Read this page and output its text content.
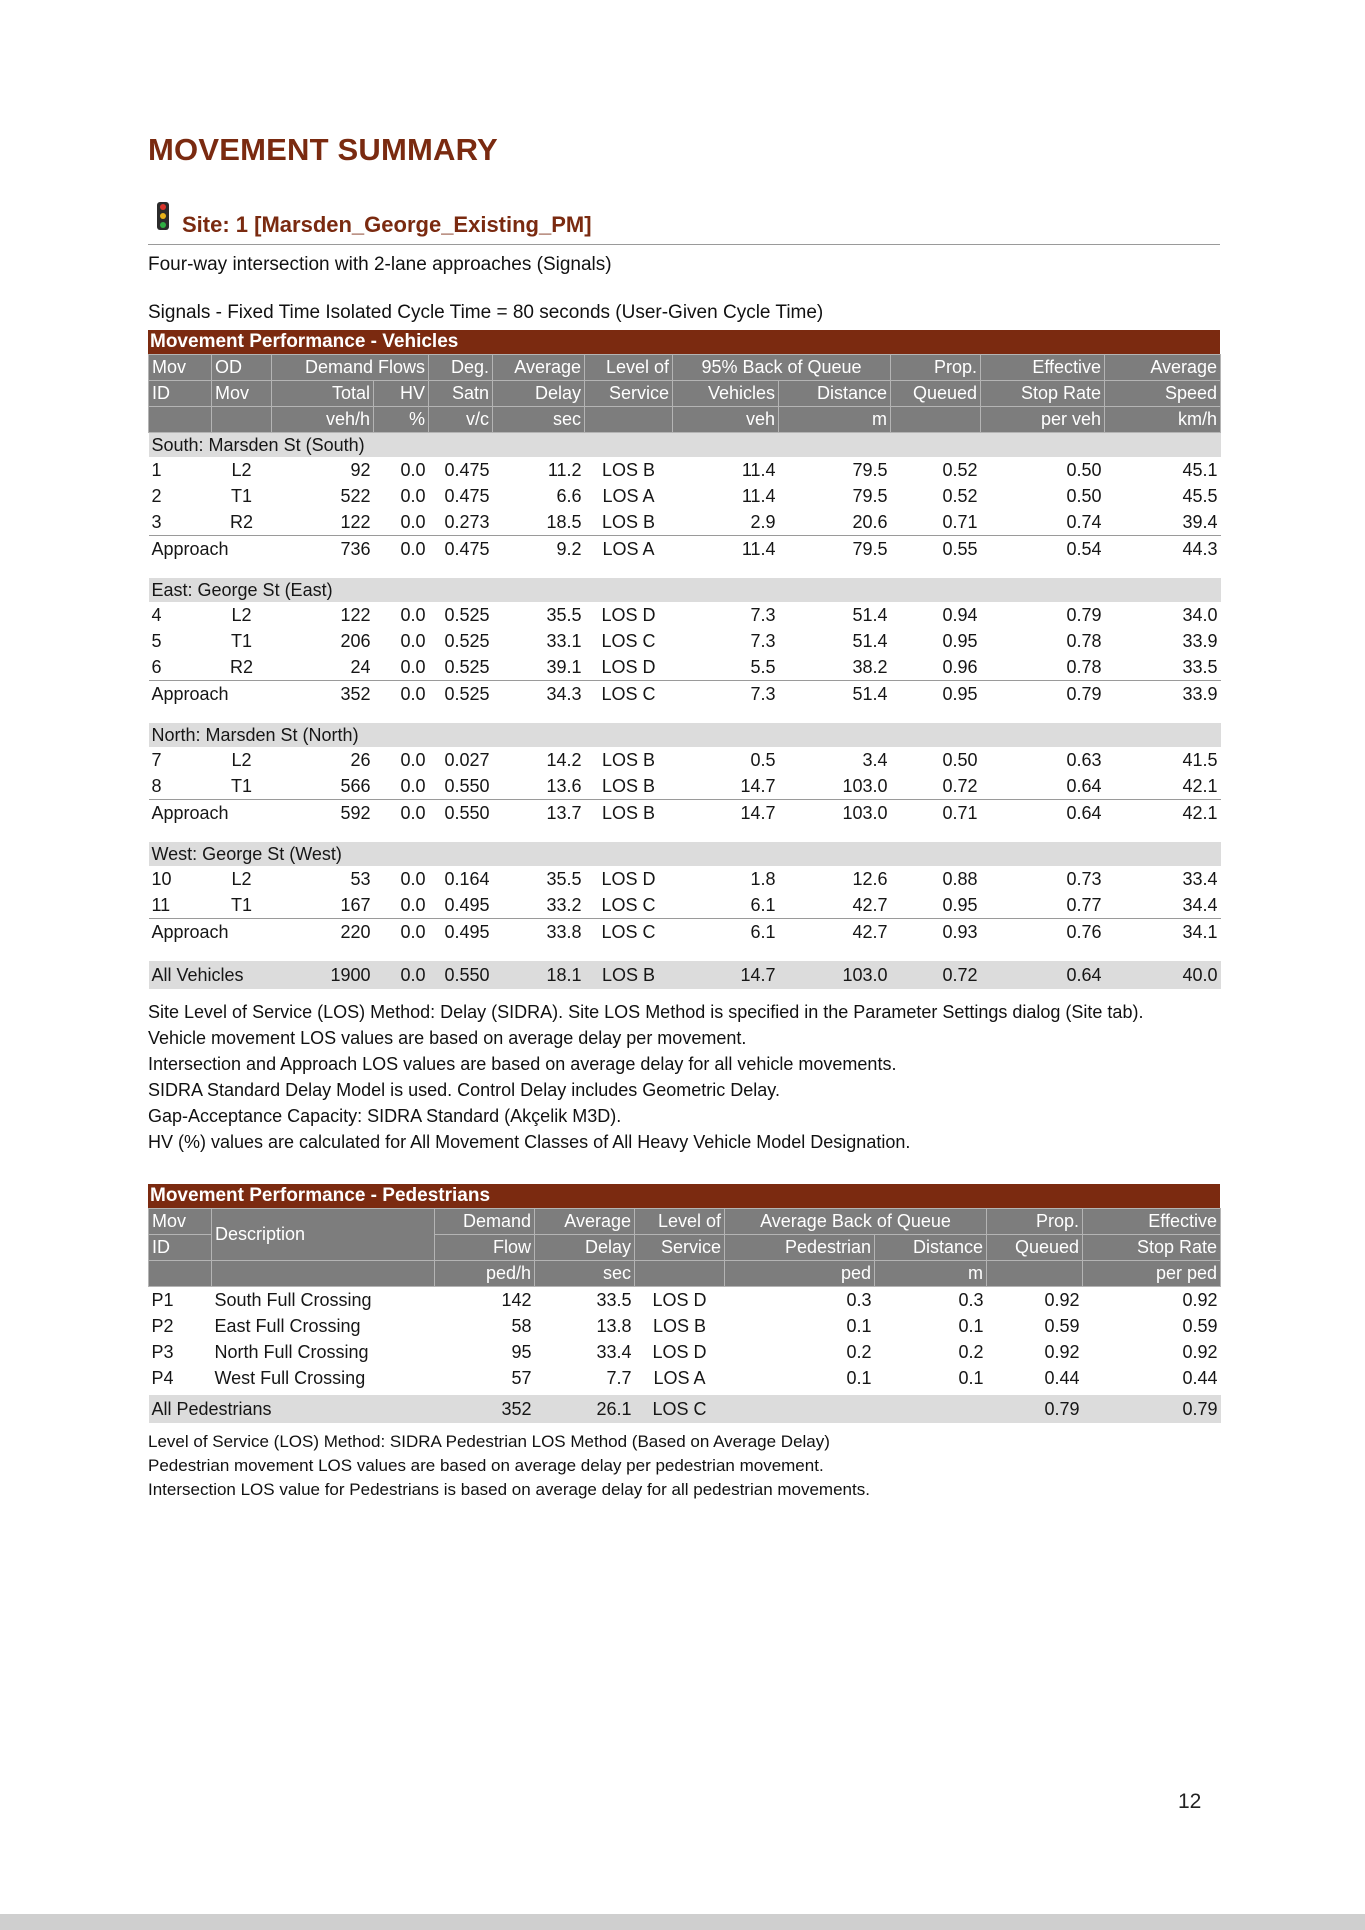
MOVEMENT SUMMARY
Site: 1 [Marsden_George_Existing_PM]
Four-way intersection with 2-lane approaches (Signals)
Signals - Fixed Time Isolated Cycle Time = 80 seconds (User-Given Cycle Time)
Movement Performance - Vehicles
Mov	OD	Demand Flows		Deg.	Average	Level of	95% Back of Queue		Prop.	Effective	Average
ID	Mov	Total	HV	Satn	Delay	Service	Vehicles	Distance	Queued	Stop Rate	Speed
		veh/h	%	v/c	sec		veh	m		per veh	km/h
South: Marsden St (South)											
1	L2	92	0.0	0.475	11.2	LOS B	11.4	79.5	0.52	0.50	45.1
2	T1	522	0.0	0.475	6.6	LOS A	11.4	79.5	0.52	0.50	45.5
3	R2	122	0.0	0.273	18.5	LOS B	2.9	20.6	0.71	0.74	39.4
Approach		736	0.0	0.475	9.2	LOS A	11.4	79.5	0.55	0.54	44.3

East: George St (East)											
4	L2	122	0.0	0.525	35.5	LOS D	7.3	51.4	0.94	0.79	34.0
5	T1	206	0.0	0.525	33.1	LOS C	7.3	51.4	0.95	0.78	33.9
6	R2	24	0.0	0.525	39.1	LOS D	5.5	38.2	0.96	0.78	33.5
Approach		352	0.0	0.525	34.3	LOS C	7.3	51.4	0.95	0.79	33.9

North: Marsden St (North)											
7	L2	26	0.0	0.027	14.2	LOS B	0.5	3.4	0.50	0.63	41.5
8	T1	566	0.0	0.550	13.6	LOS B	14.7	103.0	0.72	0.64	42.1
Approach		592	0.0	0.550	13.7	LOS B	14.7	103.0	0.71	0.64	42.1

West: George St (West)											
10	L2	53	0.0	0.164	35.5	LOS D	1.8	12.6	0.88	0.73	33.4
11	T1	167	0.0	0.495	33.2	LOS C	6.1	42.7	0.95	0.77	34.4
Approach		220	0.0	0.495	33.8	LOS C	6.1	42.7	0.93	0.76	34.1

All Vehicles		1900	0.0	0.550	18.1	LOS B	14.7	103.0	0.72	0.64	40.0
Site Level of Service (LOS) Method: Delay (SIDRA). Site LOS Method is specified in the Parameter Settings dialog (Site tab).
Vehicle movement LOS values are based on average delay per movement.
Intersection and Approach LOS values are based on average delay for all vehicle movements.
SIDRA Standard Delay Model is used. Control Delay includes Geometric Delay.
Gap-Acceptance Capacity: SIDRA Standard (Akçelik M3D).
HV (%) values are calculated for All Movement Classes of All Heavy Vehicle Model Designation.
Movement Performance - Pedestrians
Mov	Description	Demand	Average	Level of	Average Back of Queue		Prop.	Effective
ID		Flow	Delay	Service	Pedestrian	Distance	Queued	Stop Rate
		ped/h	sec		ped	m		per ped
P1	South Full Crossing	142	33.5	LOS D	0.3	0.3	0.92	0.92
P2	East Full Crossing	58	13.8	LOS B	0.1	0.1	0.59	0.59
P3	North Full Crossing	95	33.4	LOS D	0.2	0.2	0.92	0.92
P4	West Full Crossing	57	7.7	LOS A	0.1	0.1	0.44	0.44

All Pedestrians		352	26.1	LOS C			0.79	0.79
Level of Service (LOS) Method: SIDRA Pedestrian LOS Method (Based on Average Delay)
Pedestrian movement LOS values are based on average delay per pedestrian movement.
Intersection LOS value for Pedestrians is based on average delay for all pedestrian movements.
12
